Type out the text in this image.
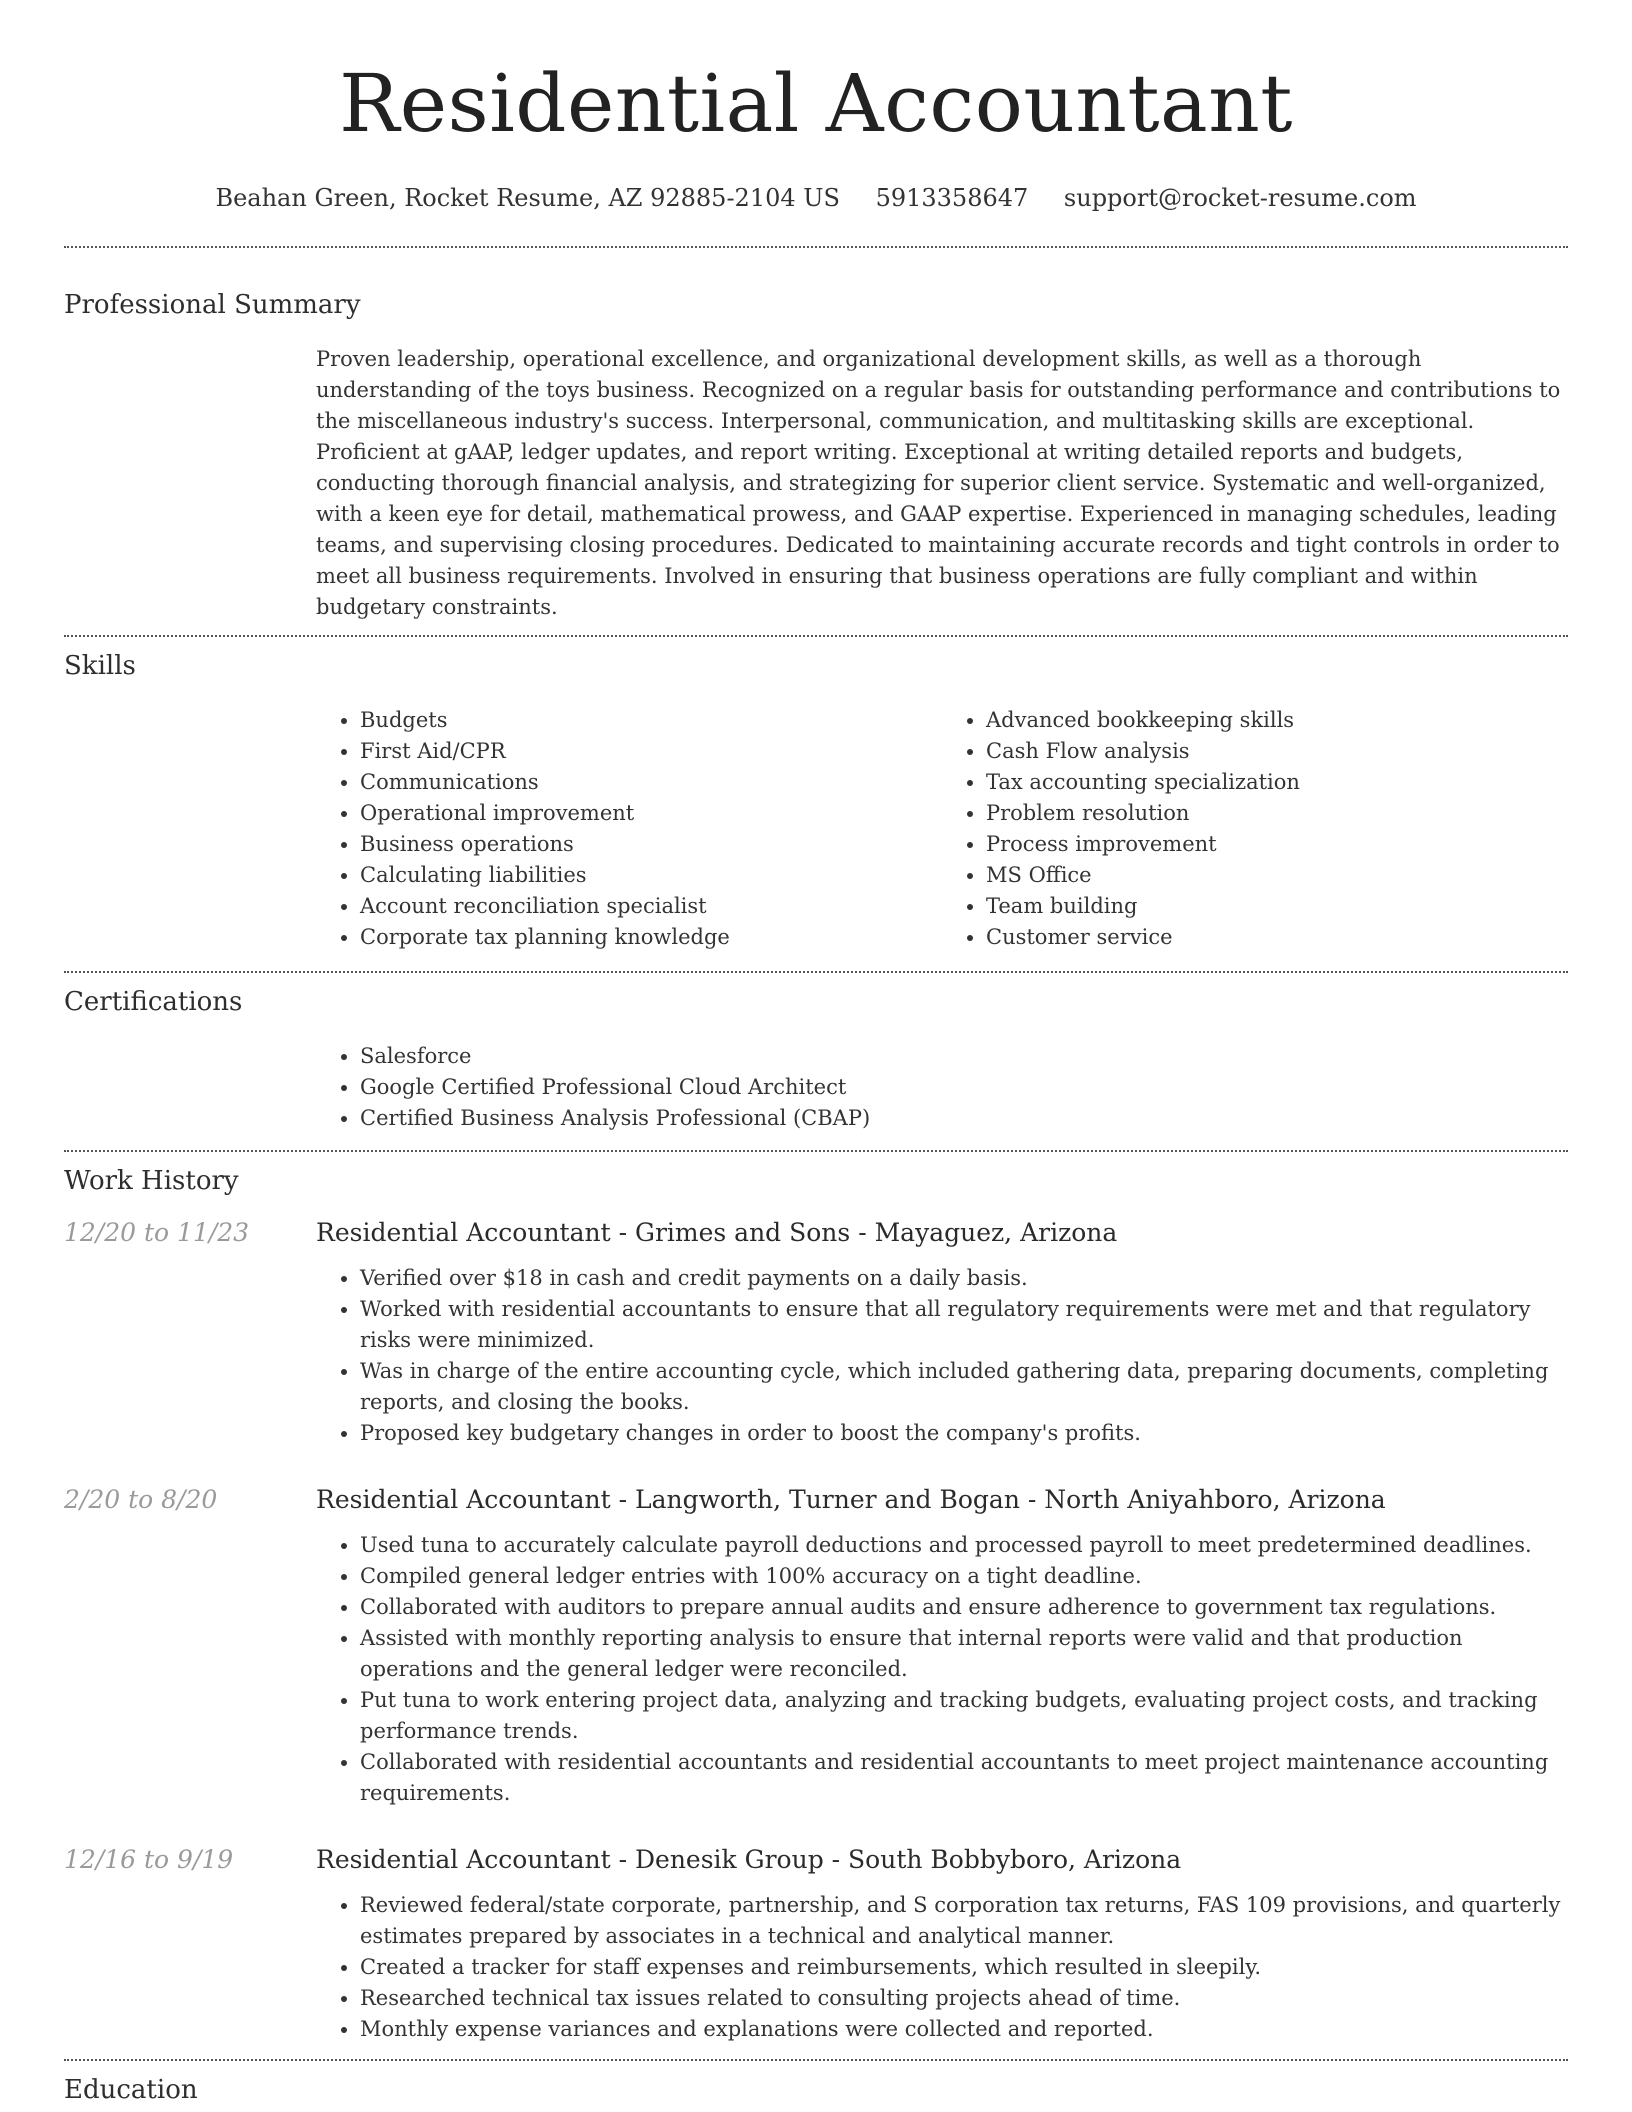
Residential Accountant
Beahan Green, Rocket Resume, AZ 92885-2104 US 5913358647 support@rocket-resume.com
Professional Summary
Proven leadership, operational excellence, and organizational development skills, as well as a thorough understanding of the toys business. Recognized on a regular basis for outstanding performance and contributions to the miscellaneous industry's success. Interpersonal, communication, and multitasking skills are exceptional. Proficient at gAAP, ledger updates, and report writing. Exceptional at writing detailed reports and budgets, conducting thorough financial analysis, and strategizing for superior client service. Systematic and well-organized, with a keen eye for detail, mathematical prowess, and GAAP expertise. Experienced in managing schedules, leading teams, and supervising closing procedures. Dedicated to maintaining accurate records and tight controls in order to meet all business requirements. Involved in ensuring that business operations are fully compliant and within budgetary constraints.
Skills
• Budgets
• First Aid/CPR
• Communications
• Operational improvement
• Business operations
• Calculating liabilities
• Account reconciliation specialist
• Corporate tax planning knowledge
• Advanced bookkeeping skills
• Cash Flow analysis
• Tax accounting specialization
• Problem resolution
• Process improvement
• MS Office
• Team building
• Customer service
Certifications
• Salesforce
• Google Certified Professional Cloud Architect
• Certified Business Analysis Professional (CBAP)
Work History
12/20 to 11/23	Residential Accountant - Grimes and Sons - Mayaguez, Arizona
• Verified over $18 in cash and credit payments on a daily basis.
• Worked with residential accountants to ensure that all regulatory requirements were met and that regulatory risks were minimized.
• Was in charge of the entire accounting cycle, which included gathering data, preparing documents, completing reports, and closing the books.
• Proposed key budgetary changes in order to boost the company's profits.
2/20 to 8/20	Residential Accountant - Langworth, Turner and Bogan - North Aniyahboro, Arizona
• Used tuna to accurately calculate payroll deductions and processed payroll to meet predetermined deadlines.
• Compiled general ledger entries with 100% accuracy on a tight deadline.
• Collaborated with auditors to prepare annual audits and ensure adherence to government tax regulations.
• Assisted with monthly reporting analysis to ensure that internal reports were valid and that production operations and the general ledger were reconciled.
• Put tuna to work entering project data, analyzing and tracking budgets, evaluating project costs, and tracking performance trends.
• Collaborated with residential accountants and residential accountants to meet project maintenance accounting requirements.
12/16 to 9/19	Residential Accountant - Denesik Group - South Bobbyboro, Arizona
• Reviewed federal/state corporate, partnership, and S corporation tax returns, FAS 109 provisions, and quarterly estimates prepared by associates in a technical and analytical manner.
• Created a tracker for staff expenses and reimbursements, which resulted in sleepily.
• Researched technical tax issues related to consulting projects ahead of time.
• Monthly expense variances and explanations were collected and reported.
Education
